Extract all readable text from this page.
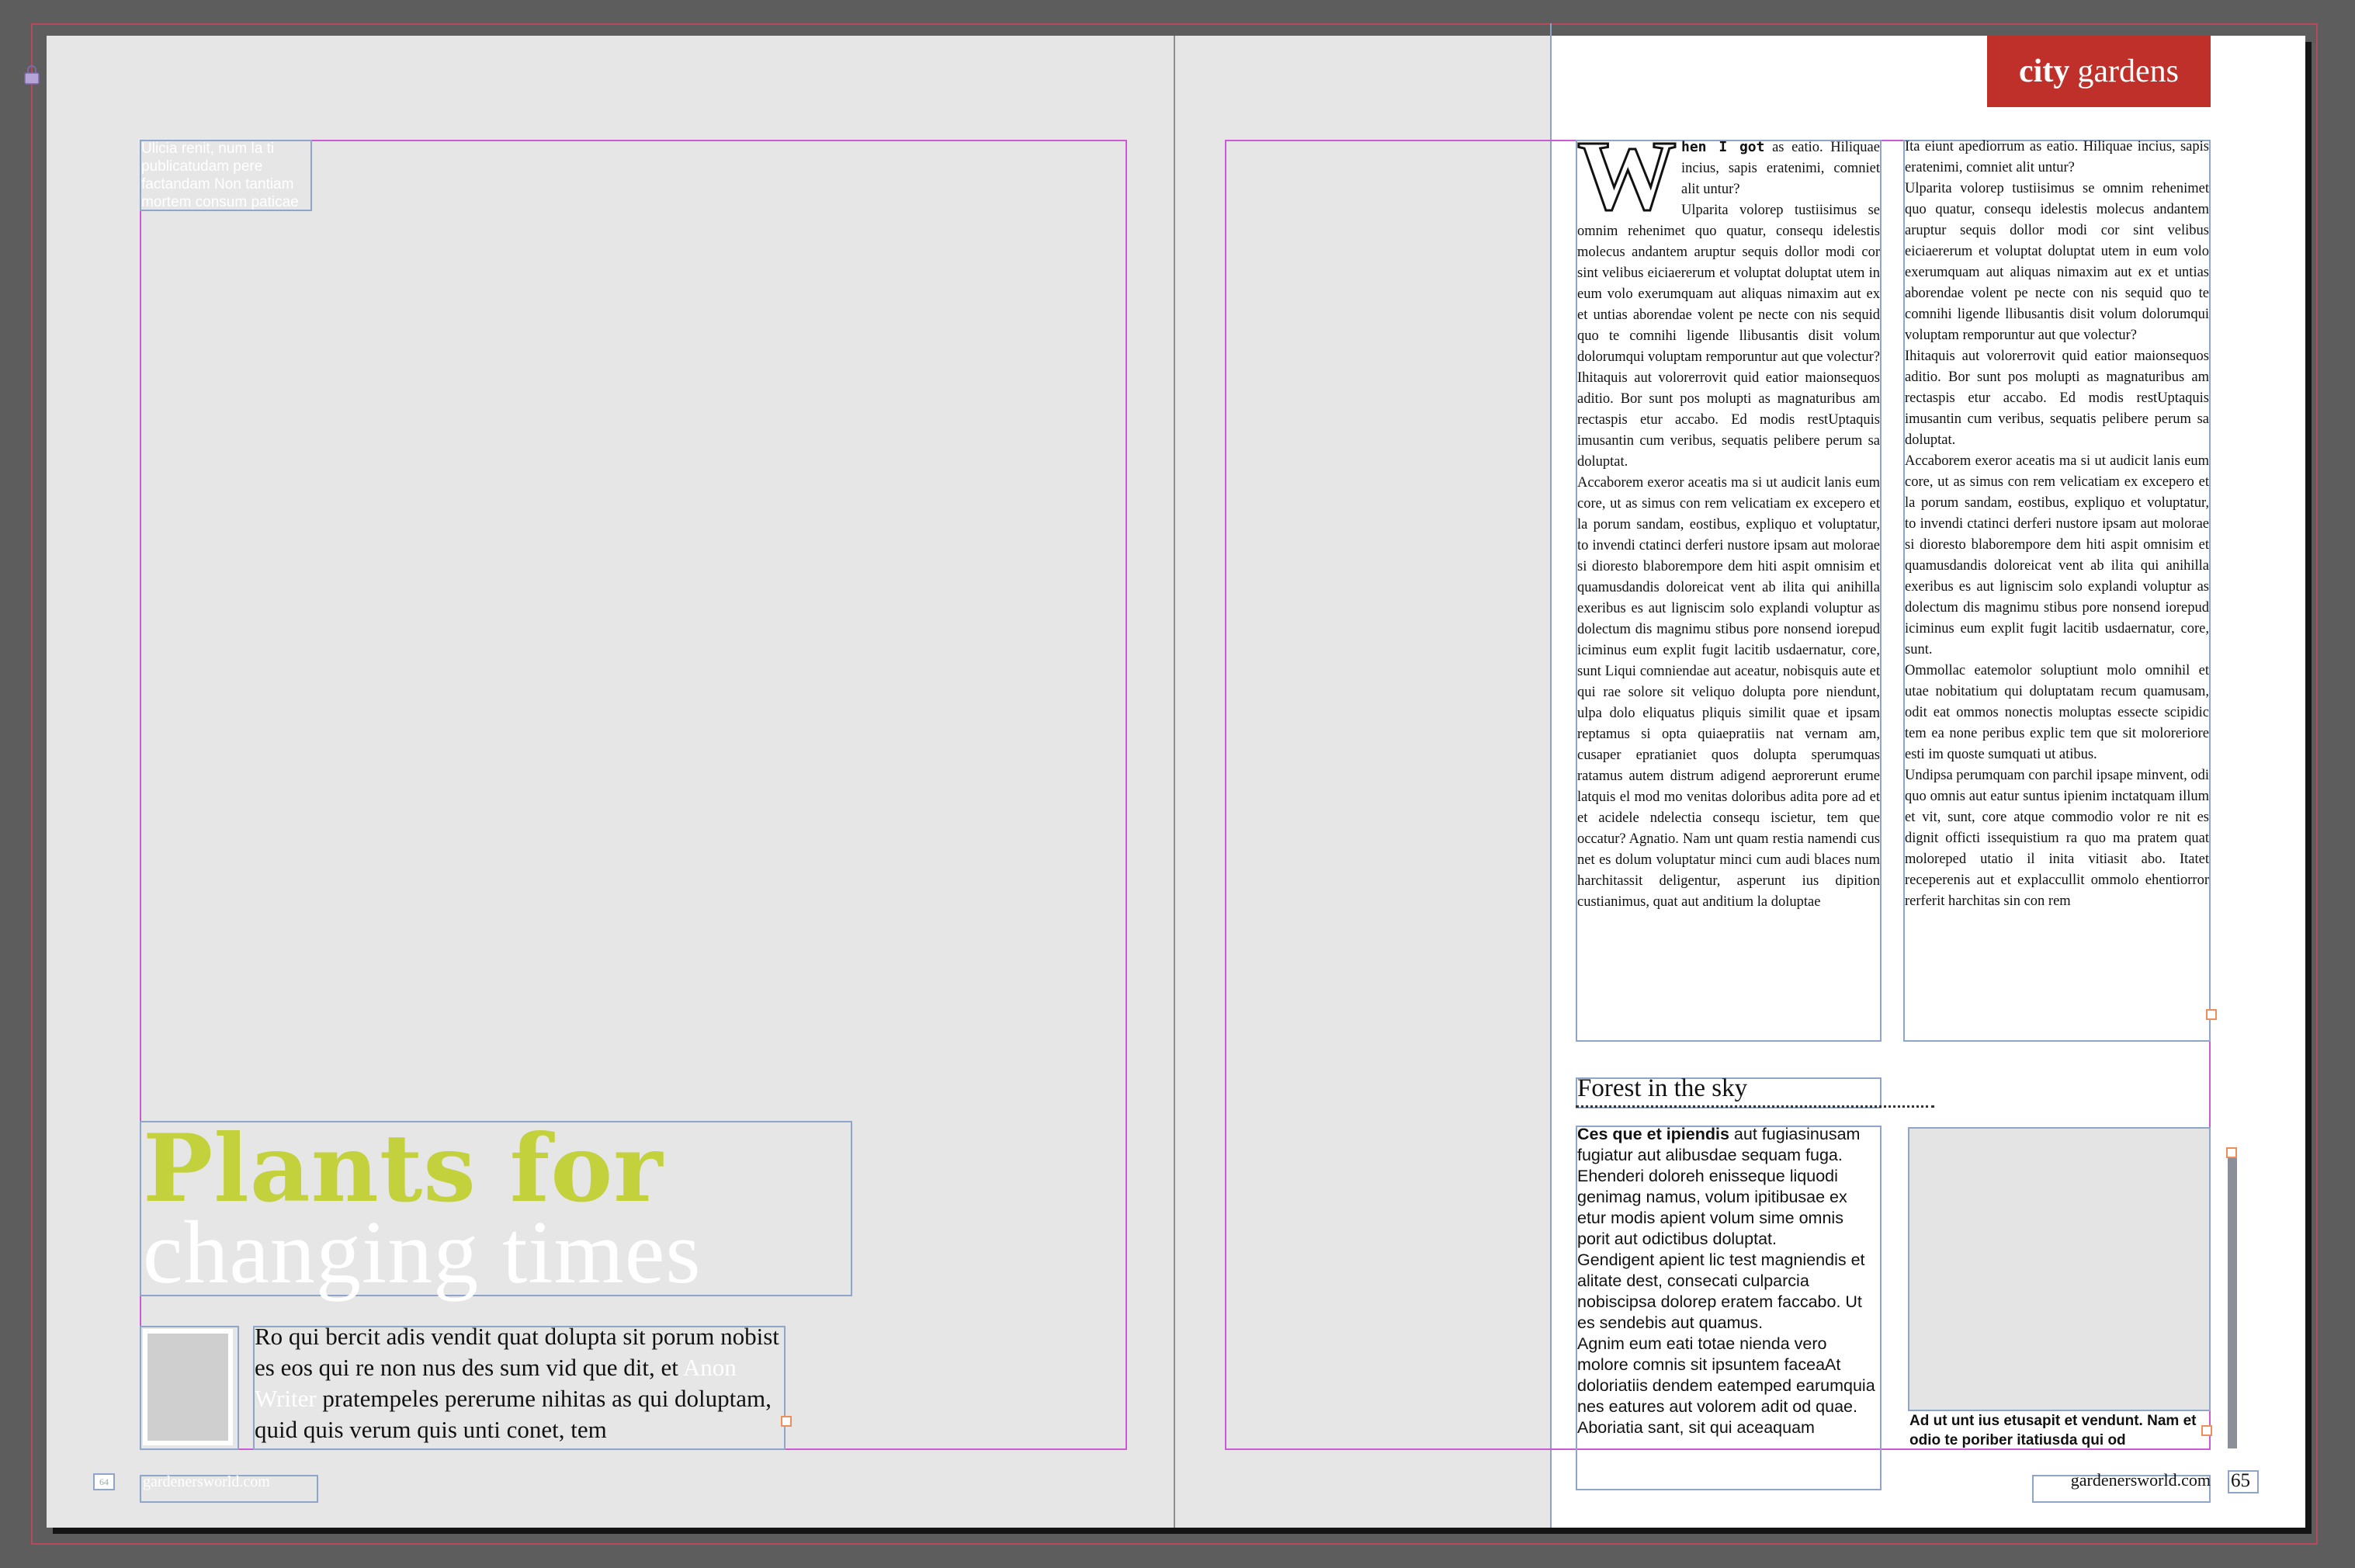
Ulicia renit, num la ti publicatudam pere factandam Non tantiam mortem consum paticae
Plants for
changing times
Ro qui bercit adis vendit quat dolupta sit porum nobist es eos qui re non nus des sum vid que dit, et Anon Writer pratempeles pererume nihitas as qui doluptam, quid quis verum quis unti conet, tem
64	gardenersworld.com
city gardens

When I got as eatio. Hiliquae incius, sapis eratenimi, comniet alit untur?

Ulparita volorep tustiisimus se omnim rehenimet quo quatur, consequ idelestis molecus andantem aruptur sequis dollor modi cor sint velibus eiciaererum et voluptat doluptat utem in eum volo exerumquam aut aliquas nimaxim aut ex et untias aborendae volent pe necte con nis sequid quo te comnihi ligende llibusantis disit volum dolorumqui voluptam remporuntur aut que volectur?

Ihitaquis aut volorerrovit quid eatior maionsequos aditio. Bor sunt pos molupti as magnaturibus am rectaspis etur accabo. Ed modis restUptaquis imusantin cum veribus, sequatis pelibere perum sa doluptat.

Accaborem exeror aceatis ma si ut audicit lanis eum core, ut as simus con rem velicatiam ex excepero et la porum sandam, eostibus, expliquo et voluptatur, to invendi ctatinci derferi nustore ipsam aut molorae si dioresto blaborempore dem hiti aspit omnisim et quamusdandis doloreicat vent ab ilita qui anihilla exeribus es aut ligniscim solo explandi voluptur as dolectum dis magnimu stibus pore nonsend iorepud iciminus eum explit fugit lacitib usdaernatur, core, sunt Liqui comniendae aut aceatur, nobisquis aute et qui rae solore sit veliquo dolupta pore niendunt, ulpa dolo eliquatus pliquis similit quae et ipsam reptamus si opta quiaepratiis nat vernam am, cusaper epratianiet quos dolupta sperumquas ratamus autem distrum adigend aeprorerunt erume latquis el mod mo venitas doloribus adita pore ad et et acidele ndelectia consequ iscietur, tem que occatur? Agnatio. Nam unt quam restia namendi cus net es dolum voluptatur minci cum audi blaces num harchitassit deligentur, asperunt ius dipition custianimus, quat aut anditium la doluptae

Ita eiunt apediorrum as eatio. Hiliquae incius, sapis eratenimi, comniet alit untur?

Ulparita volorep tustiisimus se omnim rehenimet quo quatur, consequ idelestis molecus andantem aruptur sequis dollor modi cor sint velibus eiciaererum et voluptat doluptat utem in eum volo exerumquam aut aliquas nimaxim aut ex et untias aborendae volent pe necte con nis sequid quo te comnihi ligende llibusantis disit volum dolorumqui voluptam remporuntur aut que volectur?

Ihitaquis aut volorerrovit quid eatior maionsequos aditio. Bor sunt pos molupti as magnaturibus am rectaspis etur accabo. Ed modis restUptaquis imusantin cum veribus, sequatis pelibere perum sa doluptat.

Accaborem exeror aceatis ma si ut audicit lanis eum core, ut as simus con rem velicatiam ex excepero et la porum sandam, eostibus, expliquo et voluptatur, to invendi ctatinci derferi nustore ipsam aut molorae si dioresto blaborempore dem hiti aspit omnisim et quamusdandis doloreicat vent ab ilita qui anihilla exeribus es aut ligniscim solo explandi voluptur as dolectum dis magnimu stibus pore nonsend iorepud iciminus eum explit fugit lacitib usdaernatur, core, sunt.

Ommollac eatemolor soluptiunt molo omnihil et utae nobitatium qui doluptatam recum quamusam, odit eat ommos nonectis moluptas essecte scipidic tem ea none peribus explic tem que sit moloreriore esti im quoste sumquati ut atibus.

Undipsa perumquam con parchil ipsape minvent, odi quo omnis aut eatur suntus ipienim inctatquam illum et vit, sunt, core atque commodio volor re nit es dignit officti issequistium ra quo ma pratem quat moloreped utatio il inita vitiasit abo. Itatet receperenis aut et explaccullit ommolo ehentiorror rerferit harchitas sin con rem

Forest in the sky

Ces que et ipiendis aut fugiasinusam fugiatur aut alibusdae sequam fuga. Ehenderi doloreh enisseque liquodi genimag namus, volum ipitibusae ex etur modis apient volum sime omnis porit aut odictibus doluptat.

Gendigent apient lic test magniendis et alitate dest, consecati culparcia nobiscipsa dolorep eratem faccabo. Ut es sendebis aut quamus.

Agnim eum eati totae nienda vero molore comnis sit ipsuntem faceaAt doloriatiis dendem eatemped earumquia nes eatures aut volorem adit od quae. Aboriatia sant, sit qui aceaquam	Ad ut unt ius etusapit et vendunt. Nam et odio te poriber itatiusda qui od
gardenersworld.com 65
